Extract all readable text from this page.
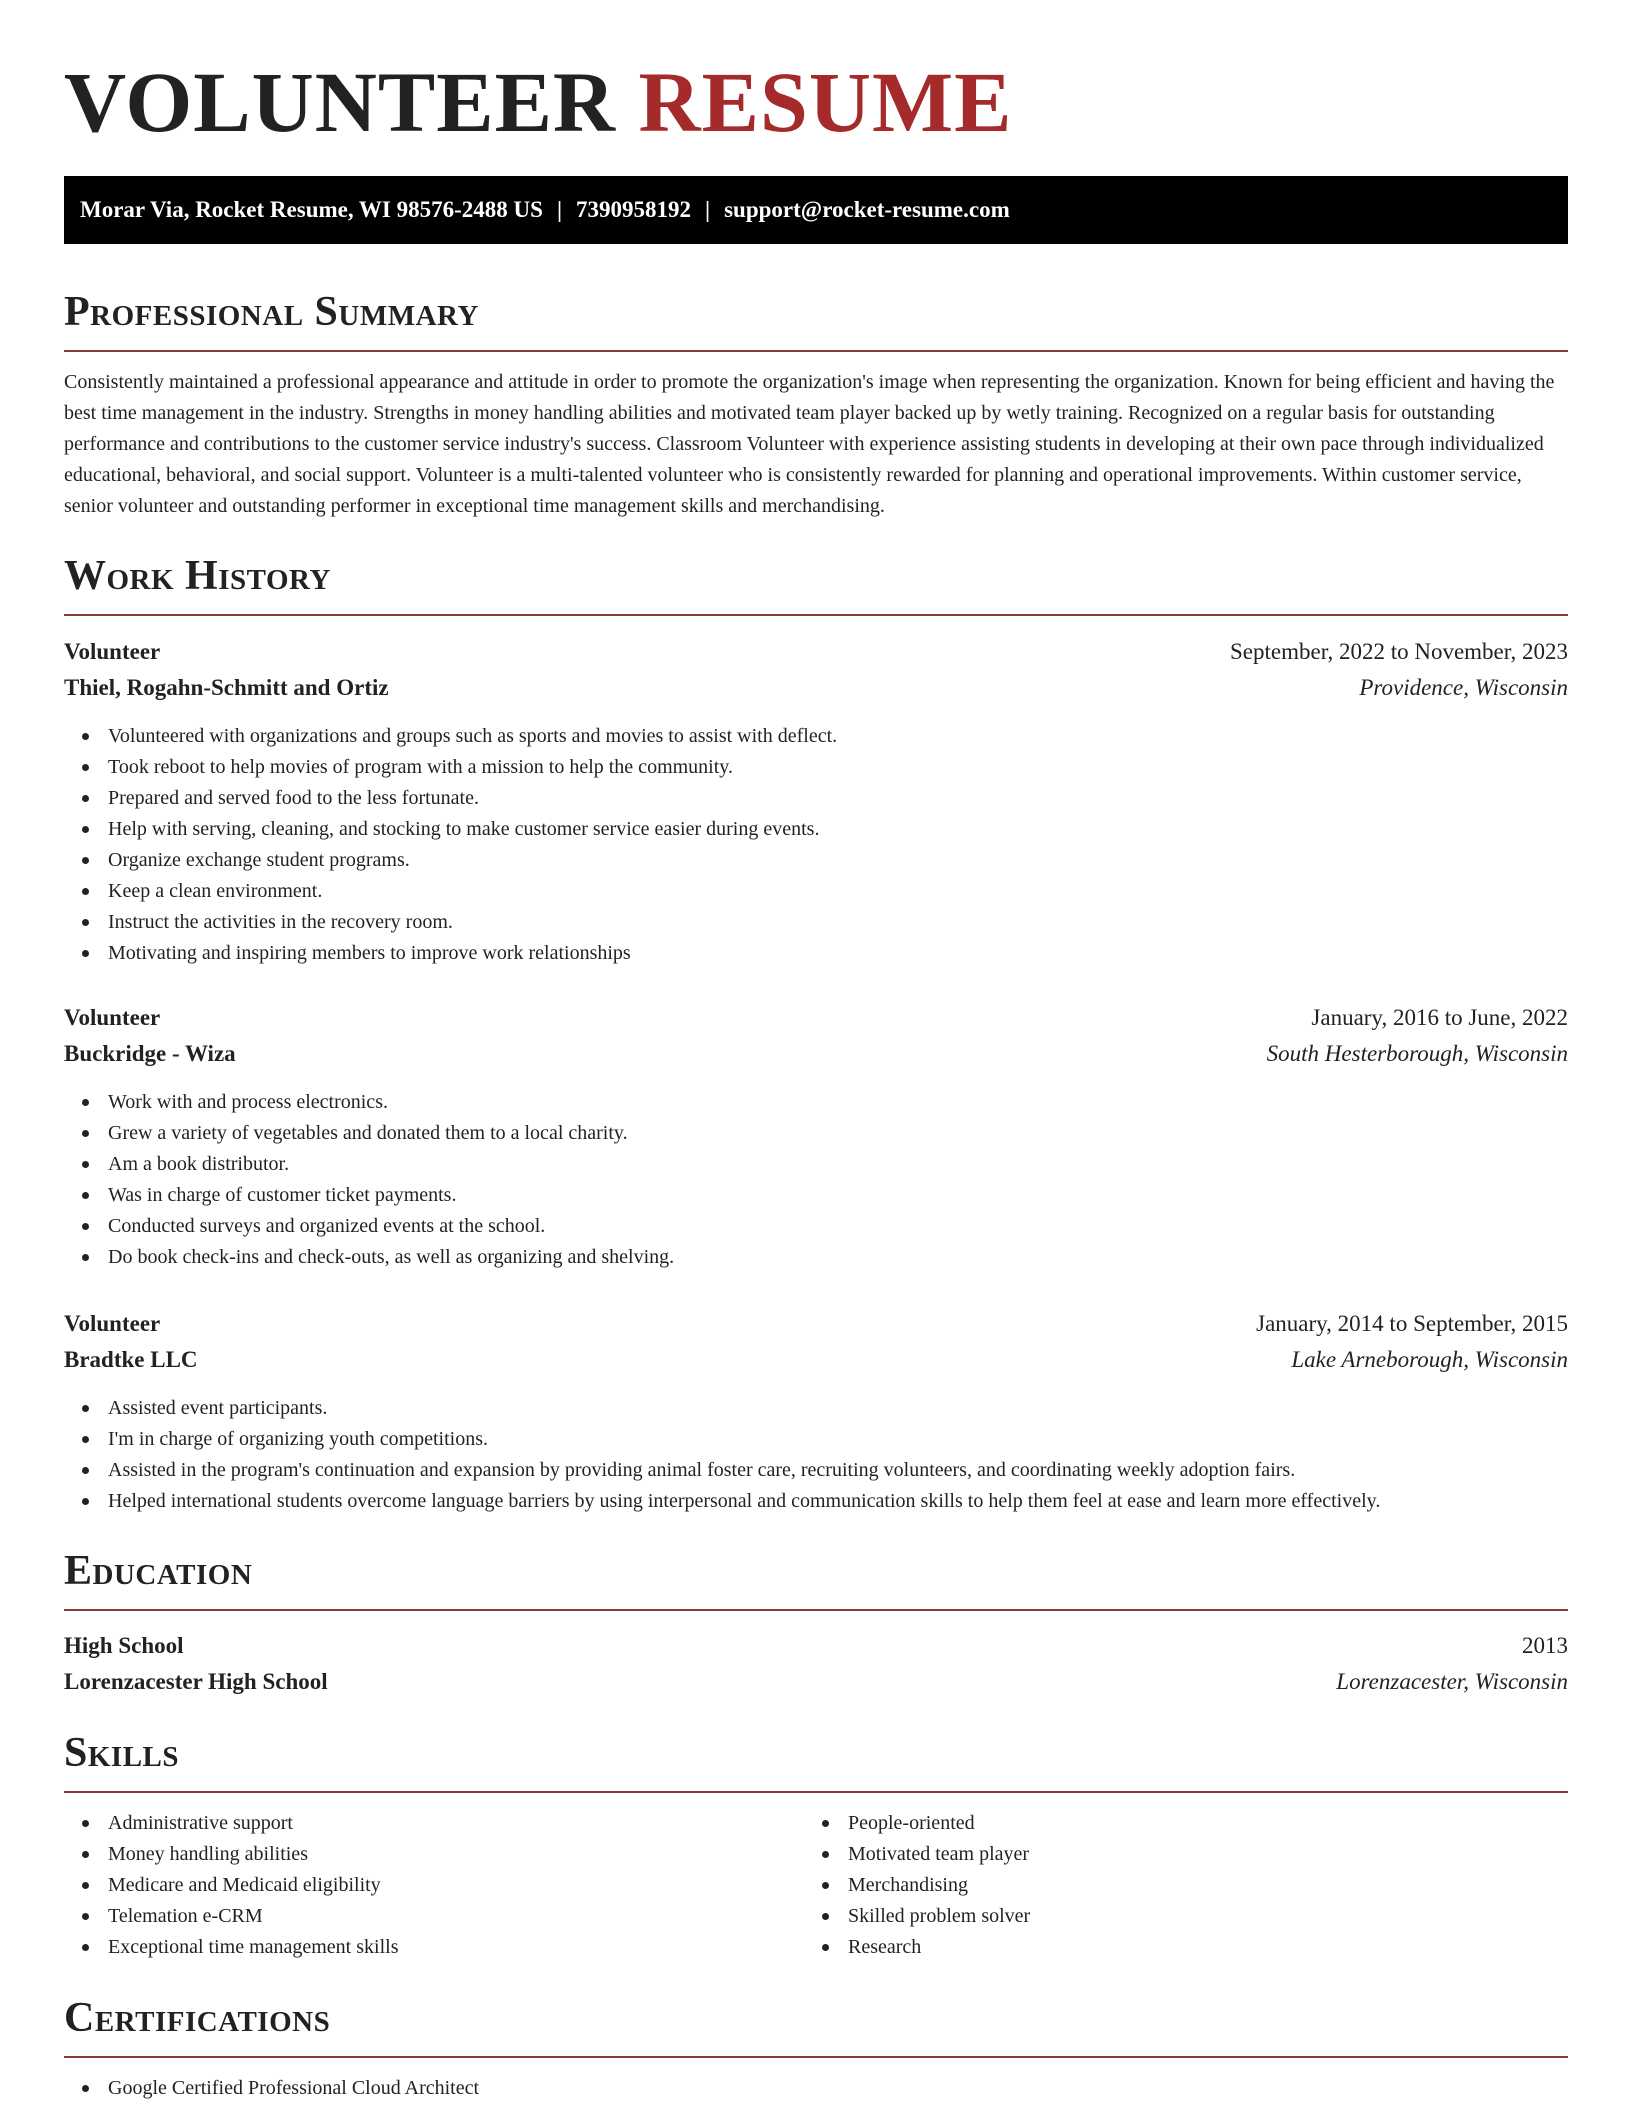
VOLUNTEER RESUME
Morar Via, Rocket Resume, WI 98576-2488 US | 7390958192 | support@rocket-resume.com
Professional Summary

Consistently maintained a professional appearance and attitude in order to promote the organization's image when representing the organization. Known for being efficient and having the best time management in the industry. Strengths in money handling abilities and motivated team player backed up by wetly training. Recognized on a regular basis for outstanding performance and contributions to the customer service industry's success. Classroom Volunteer with experience assisting students in developing at their own pace through individualized educational, behavioral, and social support. Volunteer is a multi-talented volunteer who is consistently rewarded for planning and operational improvements. Within customer service, senior volunteer and outstanding performer in exceptional time management skills and merchandising.

Work History
Volunteer	September, 2022 to November, 2023
Thiel, Rogahn-Schmitt and Ortiz	Providence, Wisconsin
Volunteered with organizations and groups such as sports and movies to assist with deflect.
Took reboot to help movies of program with a mission to help the community.
Prepared and served food to the less fortunate.
Help with serving, cleaning, and stocking to make customer service easier during events.
Organize exchange student programs.
Keep a clean environment.
Instruct the activities in the recovery room.
Motivating and inspiring members to improve work relationships
Volunteer	January, 2016 to June, 2022
Buckridge - Wiza	South Hesterborough, Wisconsin
Work with and process electronics.
Grew a variety of vegetables and donated them to a local charity.
Am a book distributor.
Was in charge of customer ticket payments.
Conducted surveys and organized events at the school.
Do book check-ins and check-outs, as well as organizing and shelving.
Volunteer	January, 2014 to September, 2015
Bradtke LLC	Lake Arneborough, Wisconsin
Assisted event participants.
I'm in charge of organizing youth competitions.
Assisted in the program's continuation and expansion by providing animal foster care, recruiting volunteers, and coordinating weekly adoption fairs.
Helped international students overcome language barriers by using interpersonal and communication skills to help them feel at ease and learn more effectively.
Education
High School	2013
Lorenzacester High School	Lorenzacester, Wisconsin
Skills
Administrative support
Money handling abilities
Medicare and Medicaid eligibility
Telemation e-CRM
Exceptional time management skills
People-oriented
Motivated team player
Merchandising
Skilled problem solver
Research
Certifications
Google Certified Professional Cloud Architect
